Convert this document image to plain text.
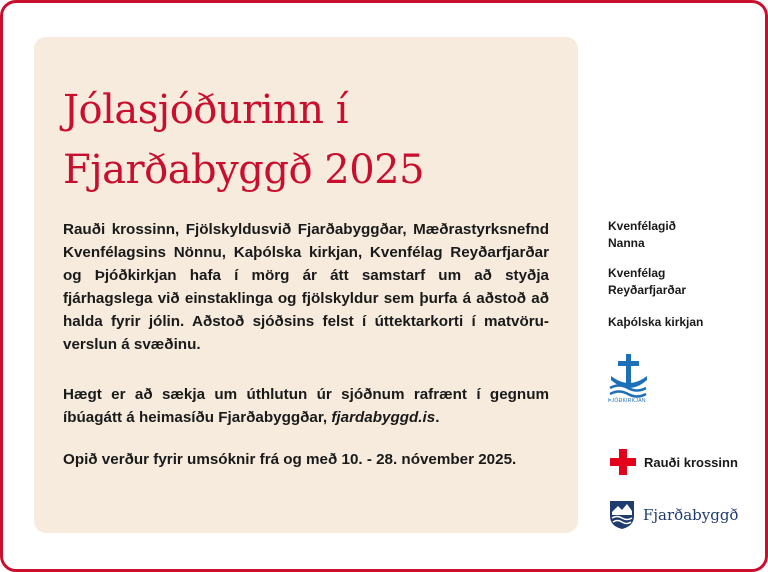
Jólasjóðurinn í
Fjarðabyggð 2025

Rauði krossinn, Fjölskyldusvið Fjarðabyggðar, Mæðrastyrksnefnd Kvenfélagsins Nönnu, Kaþólska kirkjan, Kvenfélag Reyðarfjarðar og Þjóðkirkjan hafa í mörg ár átt samstarf um að styðja fjárhagslega við einstaklinga og fjölskyldur sem þurfa á aðstoð að halda fyrir jólin. Aðstoð sjóðsins felst í úttektarkorti í matvöru-verslun á svæðinu.

Hægt er að sækja um úthlutun úr sjóðnum rafrænt í gegnum íbúagátt á heimasíðu Fjarðabyggðar, fjardabyggd.is.

Opið verður fyrir umsóknir frá og með 10. - 28. nóvember 2025.

Kvenfélagið
Nanna
Kvenfélag
Reyðarfjarðar
Kaþólska kirkjan
ÞJÓÐKIRKJAN
Rauði krossinn
Fjarðabyggð
